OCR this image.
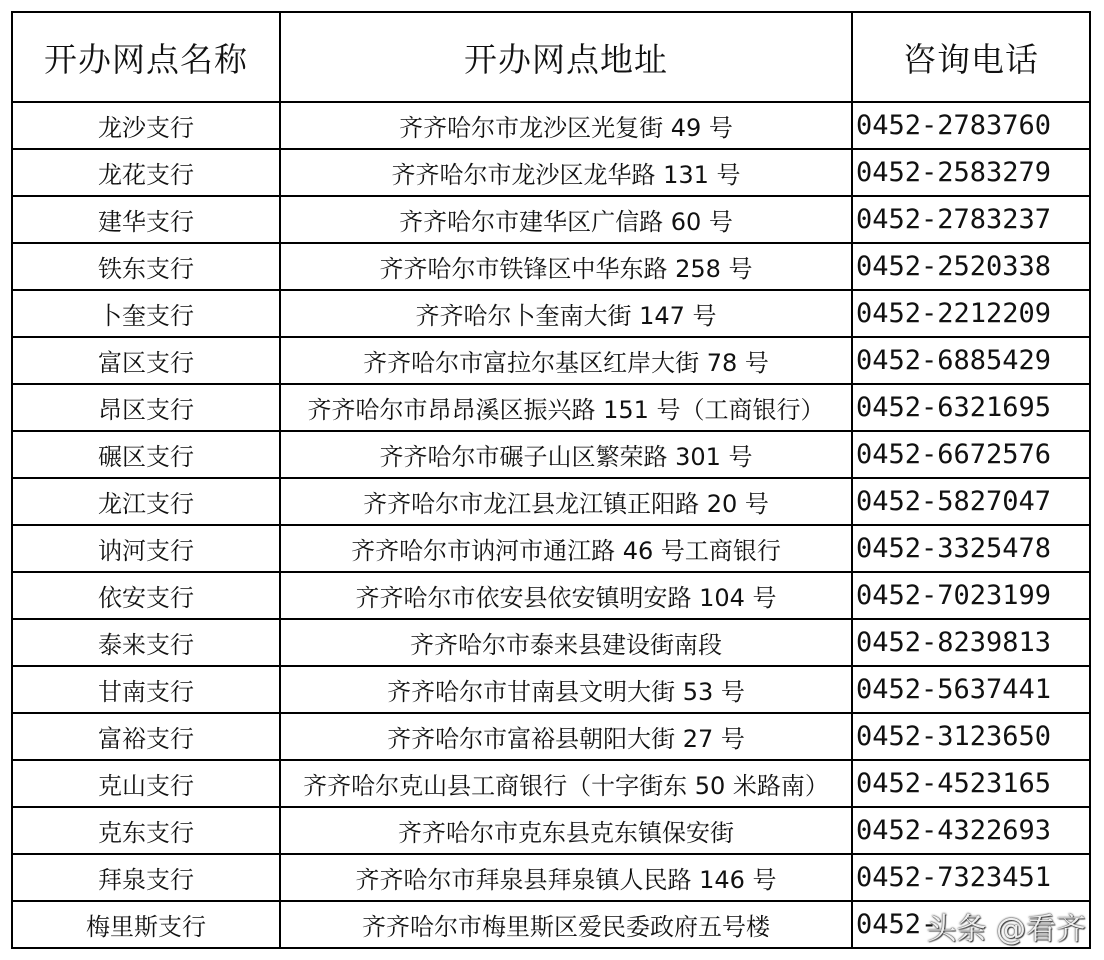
开办网点名称	开办网点地址	咨询电话
龙沙支行	齐齐哈尔市龙沙区光复街 49 号	0452-2783760
龙花支行	齐齐哈尔市龙沙区龙华路 131 号	0452-2583279
建华支行	齐齐哈尔市建华区广信路 60 号	0452-2783237
铁东支行	齐齐哈尔市铁锋区中华东路 258 号	0452-2520338
卜奎支行	齐齐哈尔卜奎南大街 147 号	0452-2212209
富区支行	齐齐哈尔市富拉尔基区红岸大街 78 号	0452-6885429
昂区支行	齐齐哈尔市昂昂溪区振兴路 151 号（工商银行）	0452-6321695
碾区支行	齐齐哈尔市碾子山区繁荣路 301 号	0452-6672576
龙江支行	齐齐哈尔市龙江县龙江镇正阳路 20 号	0452-5827047
讷河支行	齐齐哈尔市讷河市通江路 46 号工商银行	0452-3325478
依安支行	齐齐哈尔市依安县依安镇明安路 104 号	0452-7023199
泰来支行	齐齐哈尔市泰来县建设街南段	0452-8239813
甘南支行	齐齐哈尔市甘南县文明大街 53 号	0452-5637441
富裕支行	齐齐哈尔市富裕县朝阳大街 27 号	0452-3123650
克山支行	齐齐哈尔克山县工商银行（十字街东 50 米路南）	0452-4523165
克东支行	齐齐哈尔市克东县克东镇保安街	0452-4322693
拜泉支行	齐齐哈尔市拜泉县拜泉镇人民路 146 号	0452-7323451
梅里斯支行	齐齐哈尔市梅里斯区爱民委政府五号楼	0452-
头条 @看齐
